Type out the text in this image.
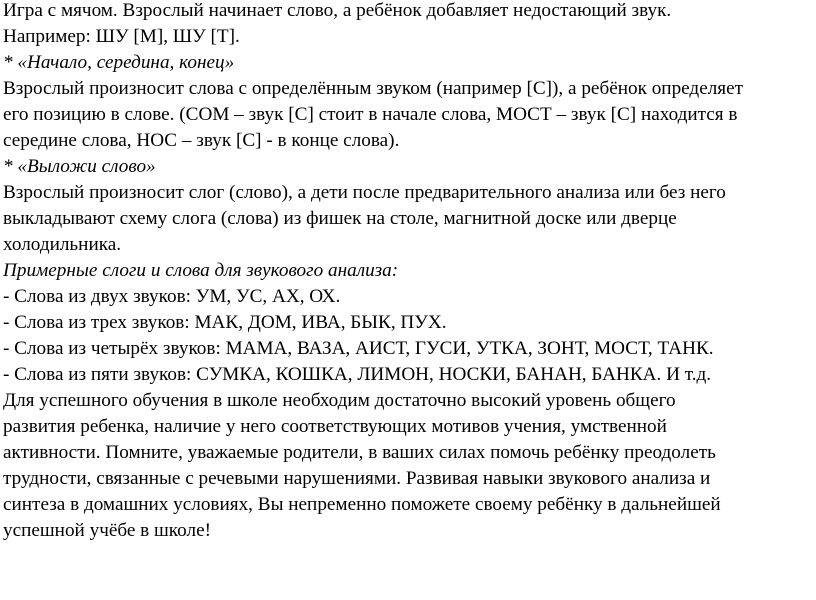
Игра с мячом. Взрослый начинает слово, а ребёнок добавляет недостающий звук.
Например: ШУ [М], ШУ [Т].
* «Начало, середина, конец»
Взрослый произносит слова с определённым звуком (например [С]), а ребёнок определяет
его позицию в слове. (СОМ – звук [С] стоит в начале слова, МОСТ – звук [С] находится в
середине слова, НОС – звук [С] - в конце слова).
* «Выложи слово»
Взрослый произносит слог (слово), а дети после предварительного анализа или без него
выкладывают схему слога (слова) из фишек на столе, магнитной доске или дверце
холодильника.
Примерные слоги и слова для звукового анализа:
- Слова из двух звуков: УМ, УС, АХ, ОХ.
- Слова из трех звуков: МАК, ДОМ, ИВА, БЫК, ПУХ.
- Слова из четырёх звуков: МАМА, ВАЗА, АИСТ, ГУСИ, УТКА, ЗОНТ, МОСТ, ТАНК.
- Слова из пяти звуков: СУМКА, КОШКА, ЛИМОН, НОСКИ, БАНАН, БАНКА. И т.д.
Для успешного обучения в школе необходим достаточно высокий уровень общего
развития ребенка, наличие у него соответствующих мотивов учения, умственной
активности. Помните, уважаемые родители, в ваших силах помочь ребёнку преодолеть
трудности, связанные с речевыми нарушениями. Развивая навыки звукового анализа и
синтеза в домашних условиях, Вы непременно поможете своему ребёнку в дальнейшей
успешной учёбе в школе!
